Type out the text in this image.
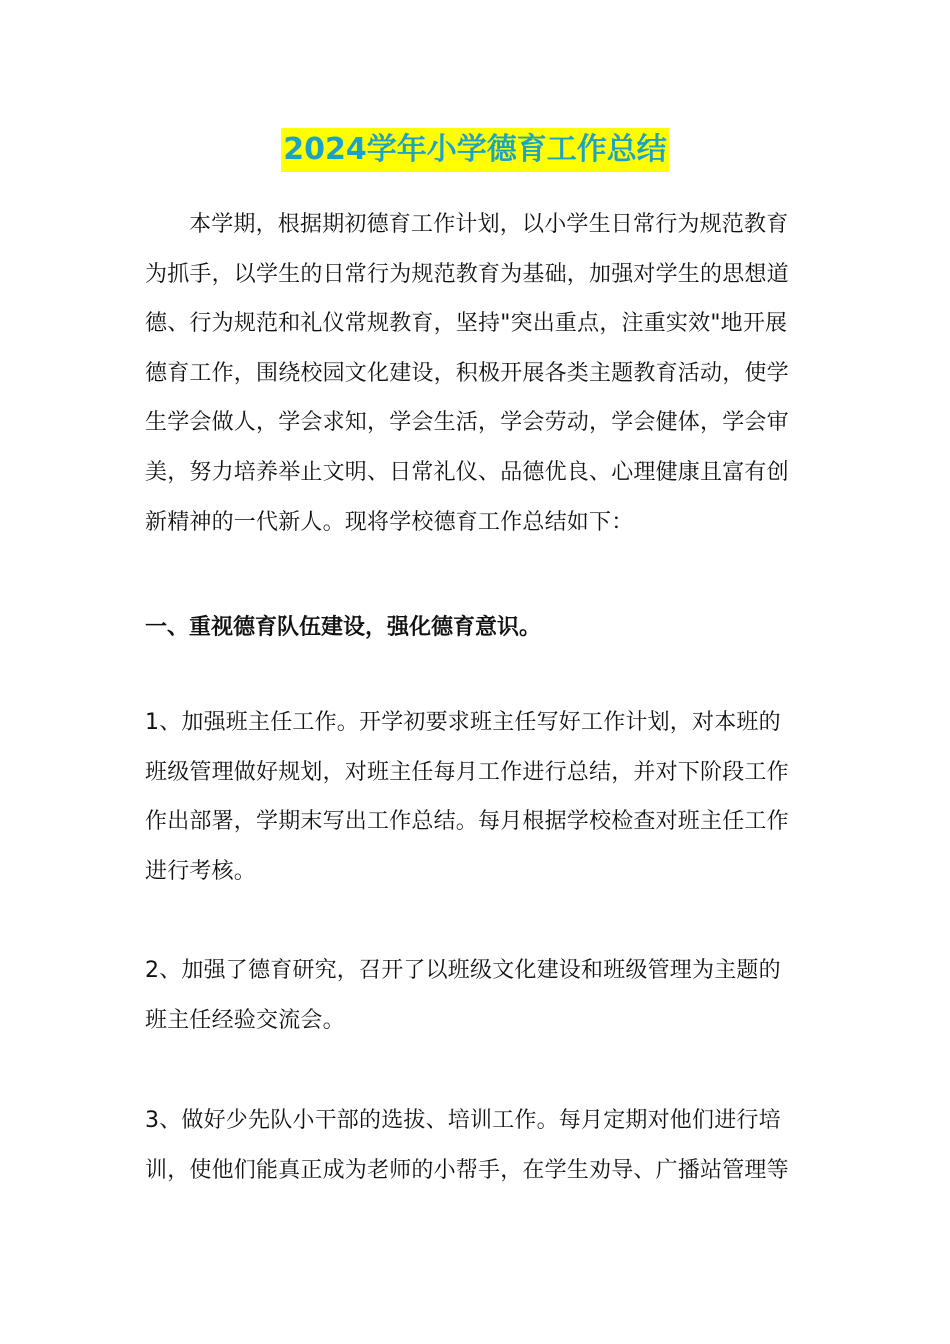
2024学年小学德育工作总结
本学期，根据期初德育工作计划，以小学生日常行为规范教育
为抓手，以学生的日常行为规范教育为基础，加强对学生的思想道
德、行为规范和礼仪常规教育，坚持"突出重点，注重实效"地开展
德育工作，围绕校园文化建设，积极开展各类主题教育活动，使学
生学会做人，学会求知，学会生活，学会劳动，学会健体，学会审
美，努力培养举止文明、日常礼仪、品德优良、心理健康且富有创
新精神的一代新人。现将学校德育工作总结如下：
一、重视德育队伍建设，强化德育意识。
1、加强班主任工作。开学初要求班主任写好工作计划，对本班的
班级管理做好规划，对班主任每月工作进行总结，并对下阶段工作
作出部署，学期末写出工作总结。每月根据学校检查对班主任工作
进行考核。
2、加强了德育研究，召开了以班级文化建设和班级管理为主题的
班主任经验交流会。
3、做好少先队小干部的选拔、培训工作。每月定期对他们进行培
训，使他们能真正成为老师的小帮手，在学生劝导、广播站管理等
